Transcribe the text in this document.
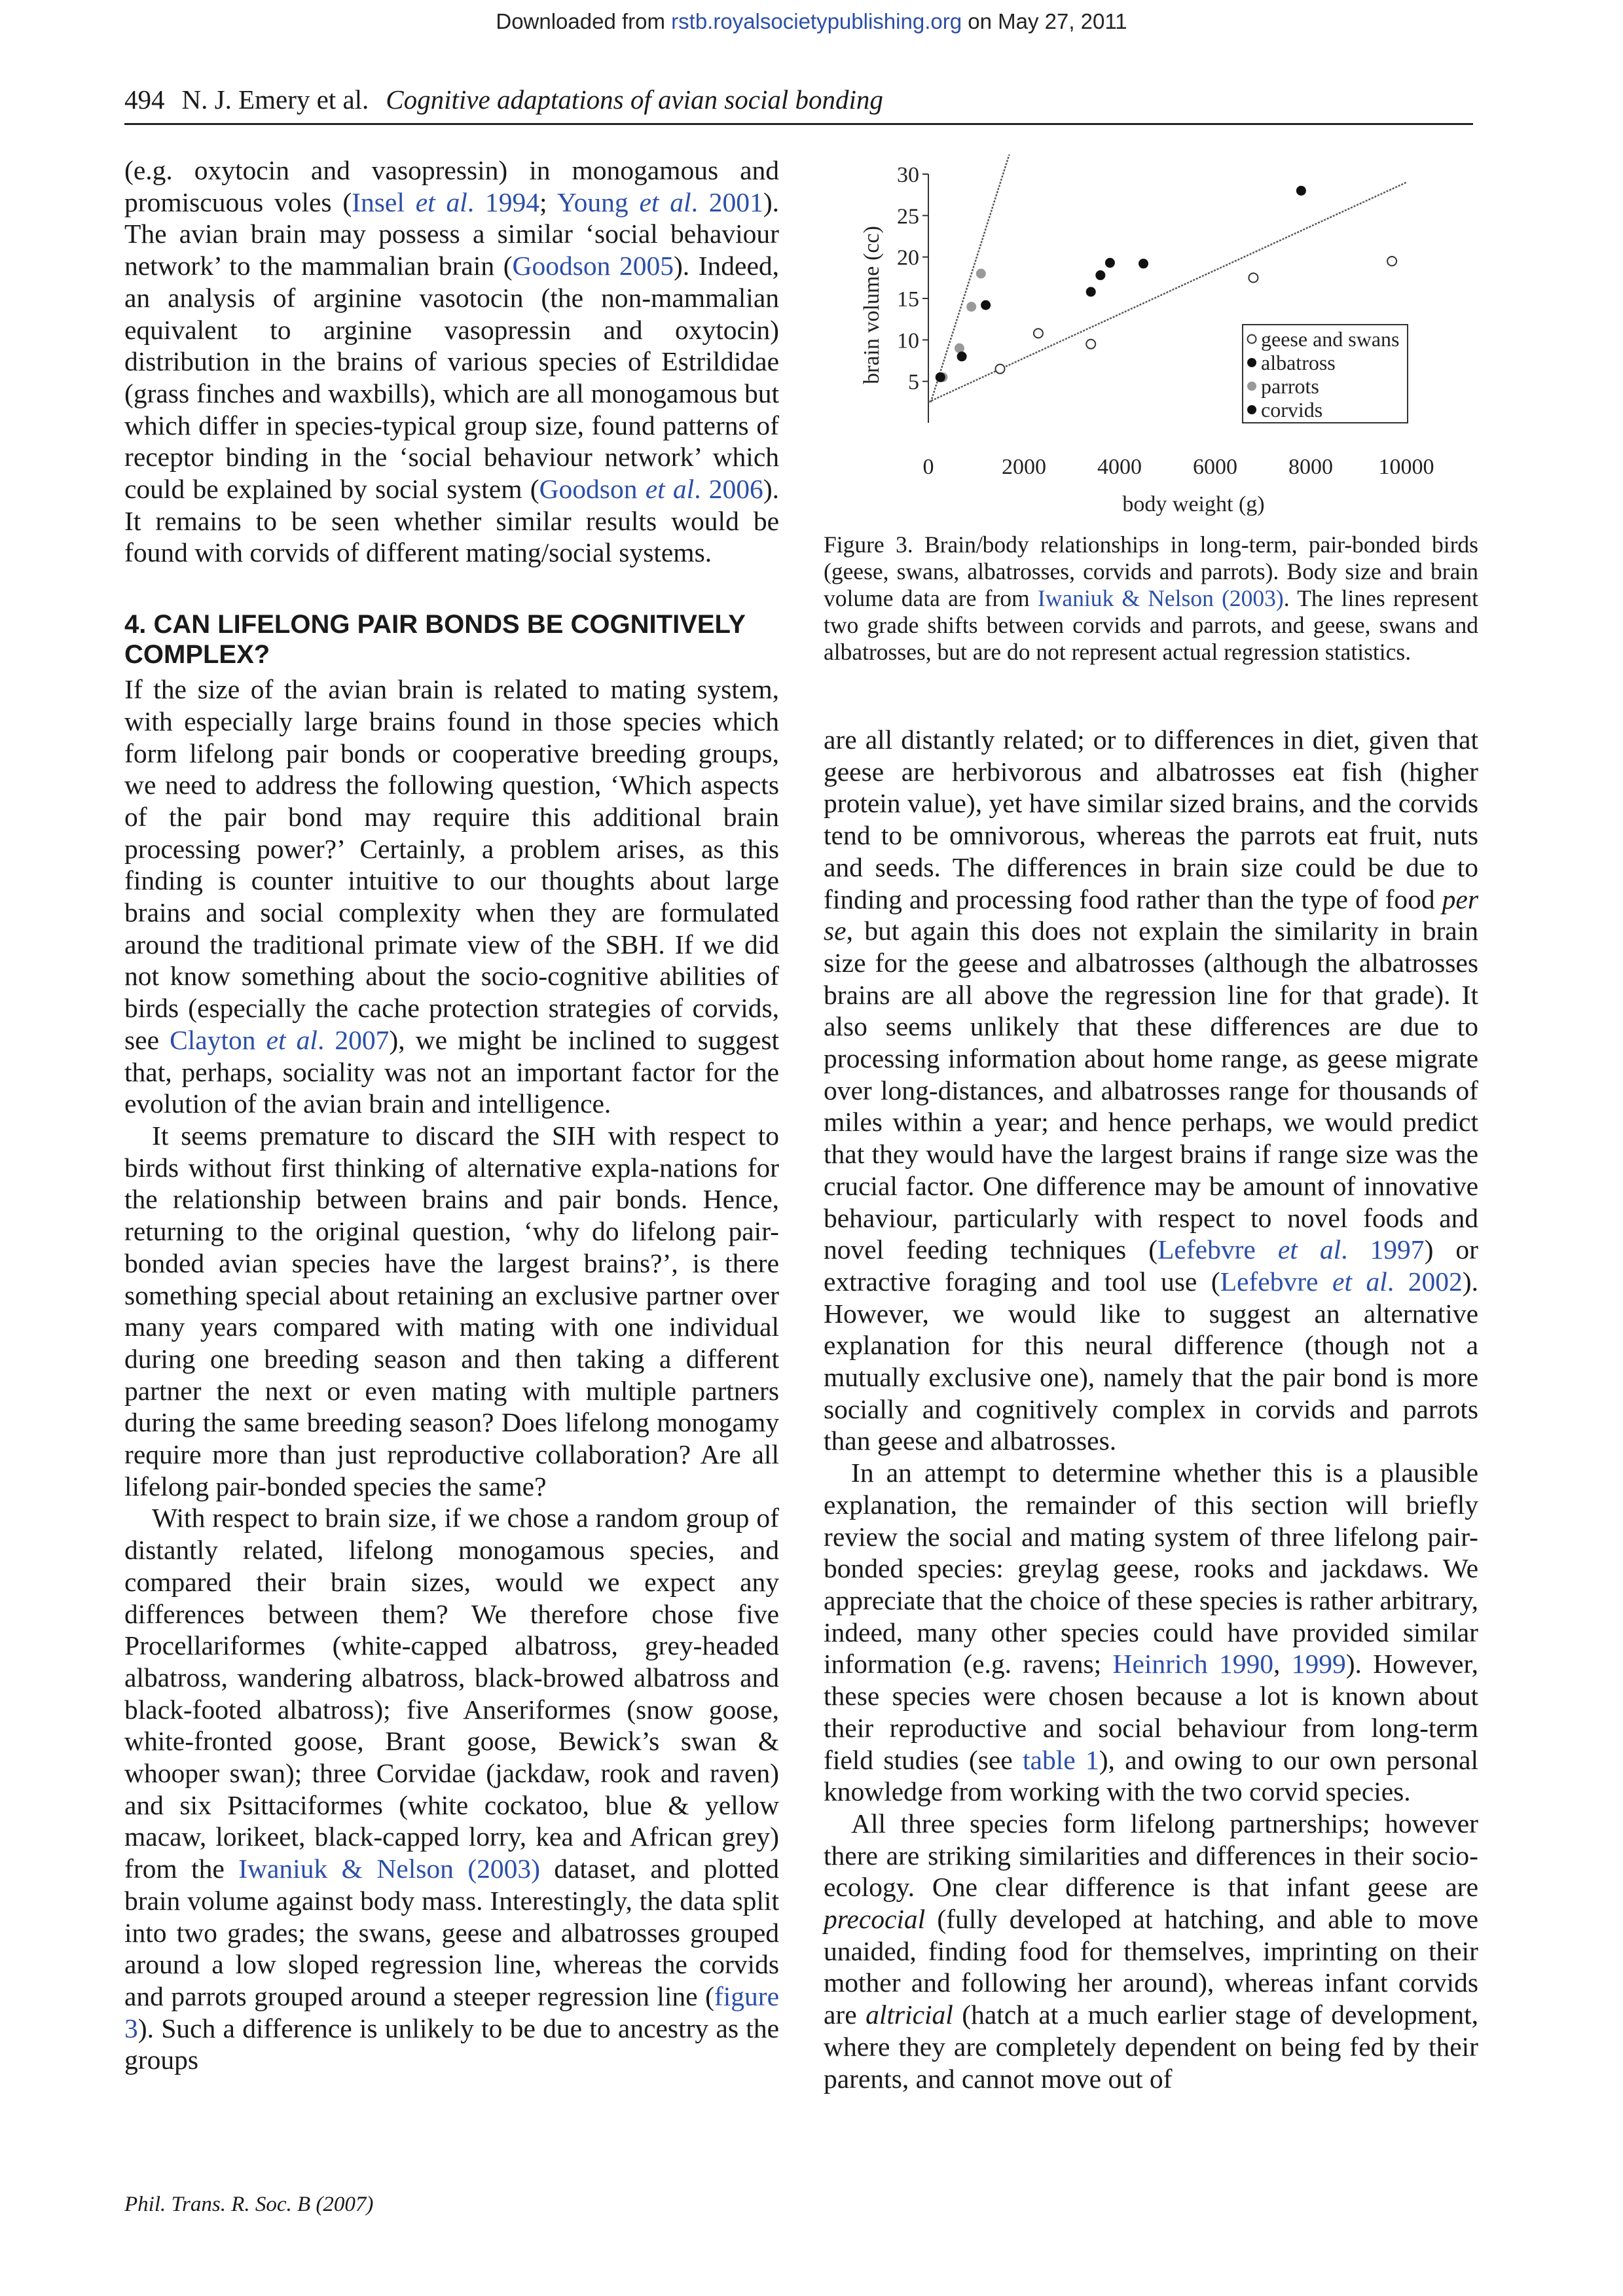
Downloaded from rstb.royalsocietypublishing.org on May 27, 2011
494 N. J. Emery et al. Cognitive adaptations of avian social bonding

(e.g. oxytocin and vasopressin) in monogamous and promiscuous voles (Insel et al. 1994; Young et al. 2001). The avian brain may possess a similar ‘social behaviour network’ to the mammalian brain (Goodson 2005). Indeed, an analysis of arginine vasotocin (the non-mammalian equivalent to arginine vasopressin and oxytocin) distribution in the brains of various species of Estrildidae (grass finches and waxbills), which are all monogamous but which differ in species-typical group size, found patterns of receptor binding in the ‘social behaviour network’ which could be explained by social system (Goodson et al. 2006). It remains to be seen whether similar results would be found with corvids of different mating/social systems.

4. CAN LIFELONG PAIR BONDS BE COGNITIVELY COMPLEX?

If the size of the avian brain is related to mating system, with especially large brains found in those species which form lifelong pair bonds or cooperative breeding groups, we need to address the following question, ‘Which aspects of the pair bond may require this additional brain processing power?’ Certainly, a problem arises, as this finding is counter intuitive to our thoughts about large brains and social complexity when they are formulated around the traditional primate view of the SBH. If we did not know something about the socio-cognitive abilities of birds (especially the cache protection strategies of corvids, see Clayton et al. 2007), we might be inclined to suggest that, perhaps, sociality was not an important factor for the evolution of the avian brain and intelligence.

It seems premature to discard the SIH with respect to birds without first thinking of alternative expla-nations for the relationship between brains and pair bonds. Hence, returning to the original question, ‘why do lifelong pair-bonded avian species have the largest brains?’, is there something special about retaining an exclusive partner over many years compared with mating with one individual during one breeding season and then taking a different partner the next or even mating with multiple partners during the same breeding season? Does lifelong monogamy require more than just reproductive collaboration? Are all lifelong pair-bonded species the same?

With respect to brain size, if we chose a random group of distantly related, lifelong monogamous species, and compared their brain sizes, would we expect any differences between them? We therefore chose five Procellariformes (white-capped albatross, grey-headed albatross, wandering albatross, black-browed albatross and black-footed albatross); five Anseriformes (snow goose, white-fronted goose, Brant goose, Bewick’s swan & whooper swan); three Corvidae (jackdaw, rook and raven) and six Psittaciformes (white cockatoo, blue & yellow macaw, lorikeet, black-capped lorry, kea and African grey) from the Iwaniuk & Nelson (2003) dataset, and plotted brain volume against body mass. Interestingly, the data split into two grades; the swans, geese and albatrosses grouped around a low sloped regression line, whereas the corvids and parrots grouped around a steeper regression line (figure 3). Such a difference is unlikely to be due to ancestry as the groups

5
10
15
20
25
30
0	2000 4000 6000 8000 10000
body weight (g)
brain volume (cc)	geese and swans
albatross
parrots
corvids
Figure 3. Brain/body relationships in long-term, pair-bonded birds (geese, swans, albatrosses, corvids and parrots). Body size and brain volume data are from Iwaniuk & Nelson (2003). The lines represent two grade shifts between corvids and parrots, and geese, swans and albatrosses, but are do not represent actual regression statistics.

are all distantly related; or to differences in diet, given that geese are herbivorous and albatrosses eat fish (higher protein value), yet have similar sized brains, and the corvids tend to be omnivorous, whereas the parrots eat fruit, nuts and seeds. The differences in brain size could be due to finding and processing food rather than the type of food per se, but again this does not explain the similarity in brain size for the geese and albatrosses (although the albatrosses brains are all above the regression line for that grade). It also seems unlikely that these differences are due to processing information about home range, as geese migrate over long-distances, and albatrosses range for thousands of miles within a year; and hence perhaps, we would predict that they would have the largest brains if range size was the crucial factor. One difference may be amount of innovative behaviour, particularly with respect to novel foods and novel feeding techniques (Lefebvre et al. 1997) or extractive foraging and tool use (Lefebvre et al. 2002). However, we would like to suggest an alternative explanation for this neural difference (though not a mutually exclusive one), namely that the pair bond is more socially and cognitively complex in corvids and parrots than geese and albatrosses.

In an attempt to determine whether this is a plausible explanation, the remainder of this section will briefly review the social and mating system of three lifelong pair-bonded species: greylag geese, rooks and jackdaws. We appreciate that the choice of these species is rather arbitrary, indeed, many other species could have provided similar information (e.g. ravens; Heinrich 1990, 1999). However, these species were chosen because a lot is known about their reproductive and social behaviour from long-term field studies (see table 1), and owing to our own personal knowledge from working with the two corvid species.

All three species form lifelong partnerships; however there are striking similarities and differences in their socio-ecology. One clear difference is that infant geese are precocial (fully developed at hatching, and able to move unaided, finding food for themselves, imprinting on their mother and following her around), whereas infant corvids are altricial (hatch at a much earlier stage of development, where they are completely dependent on being fed by their parents, and cannot move out of

Phil. Trans. R. Soc. B (2007)
